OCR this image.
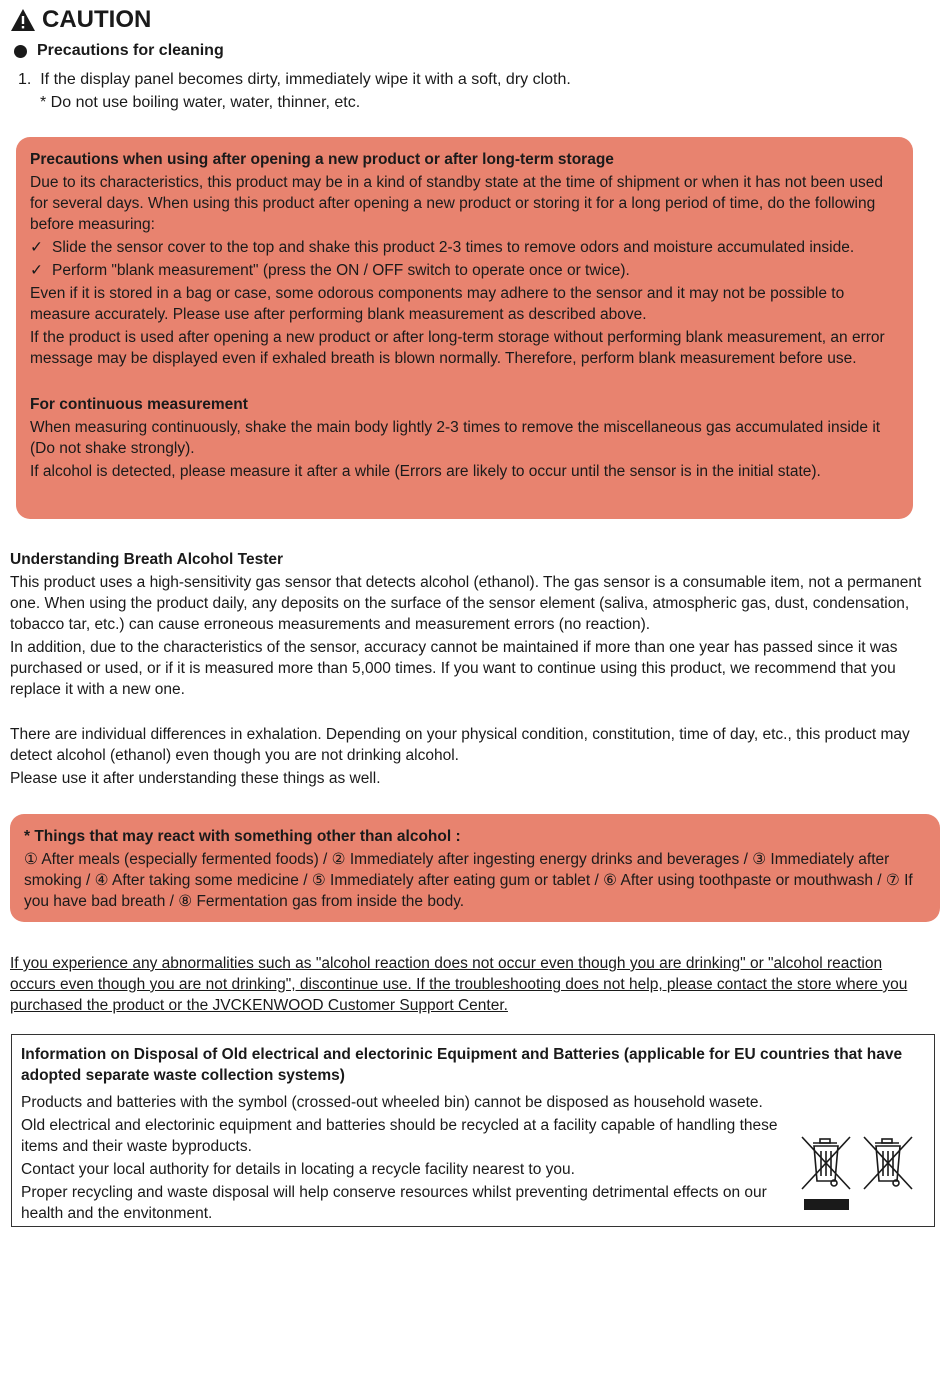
CAUTION
Precautions for cleaning
1.  If the display panel becomes dirty, immediately wipe it with a soft, dry cloth.
* Do not use boiling water, water, thinner, etc.

Precautions when using after opening a new product or after long-term storage

Due to its characteristics, this product may be in a kind of standby state at the time of shipment or when it has not been used for several days. When using this product after opening a new product or storing it for a long period of time, do the following before measuring:

✓ Slide the sensor cover to the top and shake this product 2-3 times to remove odors and moisture accumulated inside.
✓ Perform "blank measurement" (press the ON / OFF switch to operate once or twice).

Even if it is stored in a bag or case, some odorous components may adhere to the sensor and it may not be possible to measure accurately. Please use after performing blank measurement as described above.

If the product is used after opening a new product or after long-term storage without performing blank measurement, an error message may be displayed even if exhaled breath is blown normally. Therefore, perform blank measurement before use.

For continuous measurement

When measuring continuously, shake the main body lightly 2-3 times to remove the miscellaneous gas accumulated inside it (Do not shake strongly).

If alcohol is detected, please measure it after a while (Errors are likely to occur until the sensor is in the initial state).

Understanding Breath Alcohol Tester

This product uses a high-sensitivity gas sensor that detects alcohol (ethanol). The gas sensor is a consumable item, not a permanent one. When using the product daily, any deposits on the surface of the sensor element (saliva, atmospheric gas, dust, condensation, tobacco tar, etc.) can cause erroneous measurements and measurement errors (no reaction).

In addition, due to the characteristics of the sensor, accuracy cannot be maintained if more than one year has passed since it was purchased or used, or if it is measured more than 5,000 times. If you want to continue using this product, we recommend that you replace it with a new one.

There are individual differences in exhalation. Depending on your physical condition, constitution, time of day, etc., this product may detect alcohol (ethanol) even though you are not drinking alcohol.

Please use it after understanding these things as well.

* Things that may react with something other than alcohol :

① After meals (especially fermented foods) / ② Immediately after ingesting energy drinks and beverages / ③ Immediately after smoking / ④ After taking some medicine / ⑤ Immediately after eating gum or tablet / ⑥ After using toothpaste or mouthwash / ⑦ If you have bad breath / ⑧ Fermentation gas from inside the body.

If you experience any abnormalities such as "alcohol reaction does not occur even though you are drinking" or "alcohol reaction occurs even though you are not drinking", discontinue use. If the troubleshooting does not help, please contact the store where you purchased the product or the JVCKENWOOD Customer Support Center.

Information on Disposal of Old electrical and electorinic Equipment and Batteries (applicable for EU countries that have adopted separate waste collection systems)

Products and batteries with the symbol (crossed-out wheeled bin) cannot be disposed as household wasete.

Old electrical and electorinic equipment and batteries should be recycled at a facility capable of handling these items and their waste byproducts.

Contact your local authority for details in locating a recycle facility nearest to you.

Proper recycling and waste disposal will help conserve resources whilst preventing detrimental effects on our health and the envitonment.
